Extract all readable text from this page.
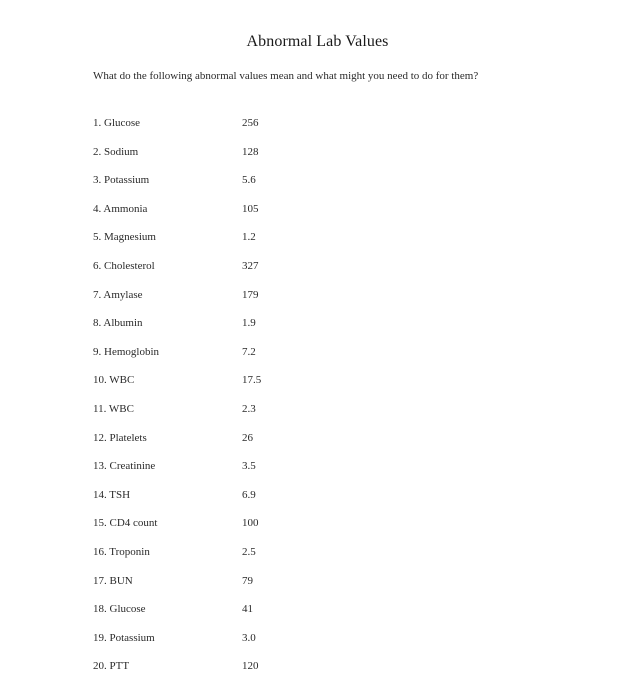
Abnormal Lab Values

What do the following abnormal values mean and what might you need to do for them?

1. Glucose	256
2. Sodium	128
3. Potassium	5.6
4. Ammonia	105
5. Magnesium	1.2
6. Cholesterol	327
7. Amylase	179
8. Albumin	1.9
9. Hemoglobin	7.2
10. WBC	17.5
11. WBC	2.3
12. Platelets	26
13. Creatinine	3.5
14. TSH	6.9
15. CD4 count	100
16. Troponin	2.5
17. BUN	79
18. Glucose	41
19. Potassium	3.0
20. PTT	120
